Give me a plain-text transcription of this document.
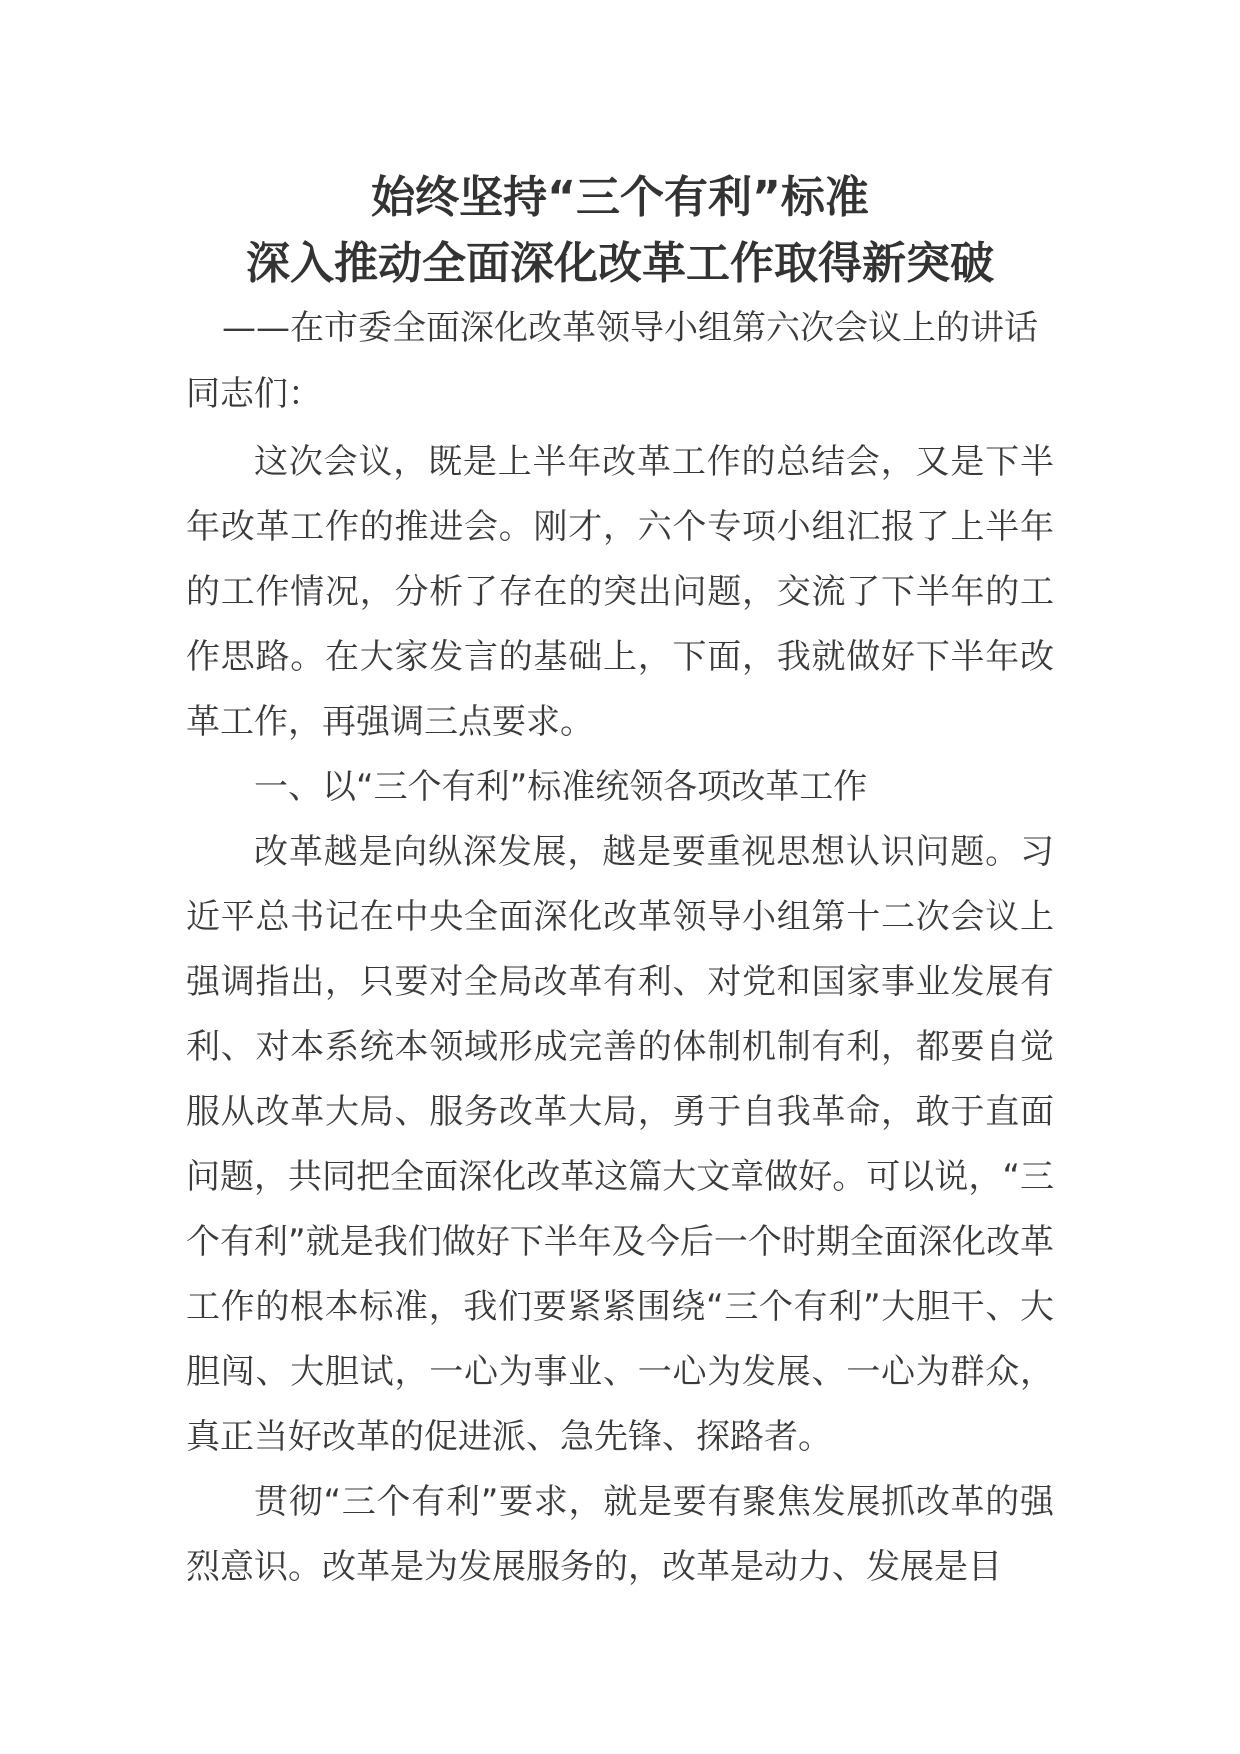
始终坚持“三个有利”标准
深入推动全面深化改革工作取得新突破
——在市委全面深化改革领导小组第六次会议上的讲话
同志们：

这次会议，既是上半年改革工作的总结会，又是下半年改革工作的推进会。刚才，六个专项小组汇报了上半年的工作情况，分析了存在的突出问题，交流了下半年的工作思路。在大家发言的基础上，下面，我就做好下半年改革工作，再强调三点要求。

一、以“三个有利”标准统领各项改革工作

改革越是向纵深发展，越是要重视思想认识问题。习近平总书记在中央全面深化改革领导小组第十二次会议上强调指出，只要对全局改革有利、对党和国家事业发展有利、对本系统本领域形成完善的体制机制有利，都要自觉服从改革大局、服务改革大局，勇于自我革命，敢于直面问题，共同把全面深化改革这篇大文章做好。可以说，“三个有利”就是我们做好下半年及今后一个时期全面深化改革工作的根本标准，我们要紧紧围绕“三个有利”大胆干、大胆闯、大胆试，一心为事业、一心为发展、一心为群众，真正当好改革的促进派、急先锋、探路者。

贯彻“三个有利”要求，就是要有聚焦发展抓改革的强烈意识。改革是为发展服务的，改革是动力、发展是目
